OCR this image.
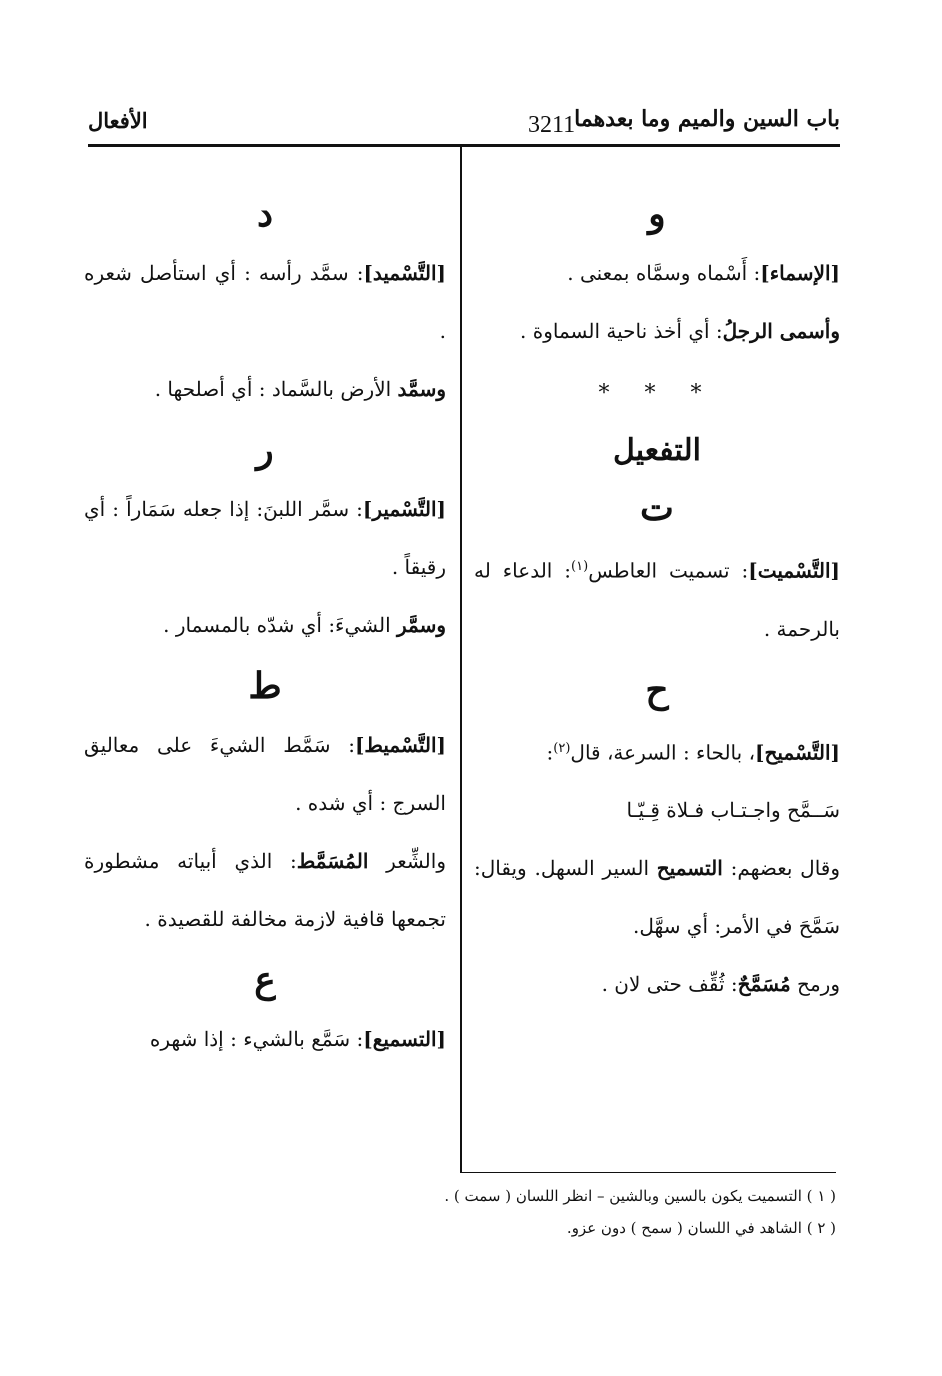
الأفعال	3211 باب السين والميم وما بعدهما
و

[الإسماء]: أَسْماه وسمَّاه بمعنى .

وأسمى الرجلُ: أي أخذ ناحية السماوة .

* * *
التفعيل
ت

[التَّسْميت]: تسميت العاطس$^{(١)}$: الدعاء له بالرحمة .

ح

[التَّسْميح]، بالحاء : السرعة، قال$^{(٢)}$:

سَــمَّح واجـتـاب فـلاة قِـيّـا

وقال بعضهم: التسميح السير السهل. ويقال: سَمَّحَ في الأمر: أي سهَّل.

ورمح مُسَمَّحٌ: ثُقِّف حتى لان .

د

[التَّسْميد]: سمَّد رأسه : أي استأصل شعره .

وسمَّد الأرض بالسَّماد : أي أصلحها .

ر

[التَّسْمير]: سمَّر اللبنَ: إذا جعله سَمَاراً : أي رقيقاً .

وسمَّر الشيءَ: أي شدّه بالمسمار .

ط

[التَّسْميط]: سَمَّط الشيءَ على معاليق السرج : أي شده .

والشِّعر المُسَمَّط: الذي أبياته مشطورة تجمعها قافية لازمة مخالفة للقصيدة .

ع

[التسميع]: سَمَّع بالشيء : إذا شهره

( ١ ) التسميت يكون بالسين وبالشين – انظر اللسان ( سمت ) .
( ٢ ) الشاهد في اللسان ( سمح ) دون عزو.
